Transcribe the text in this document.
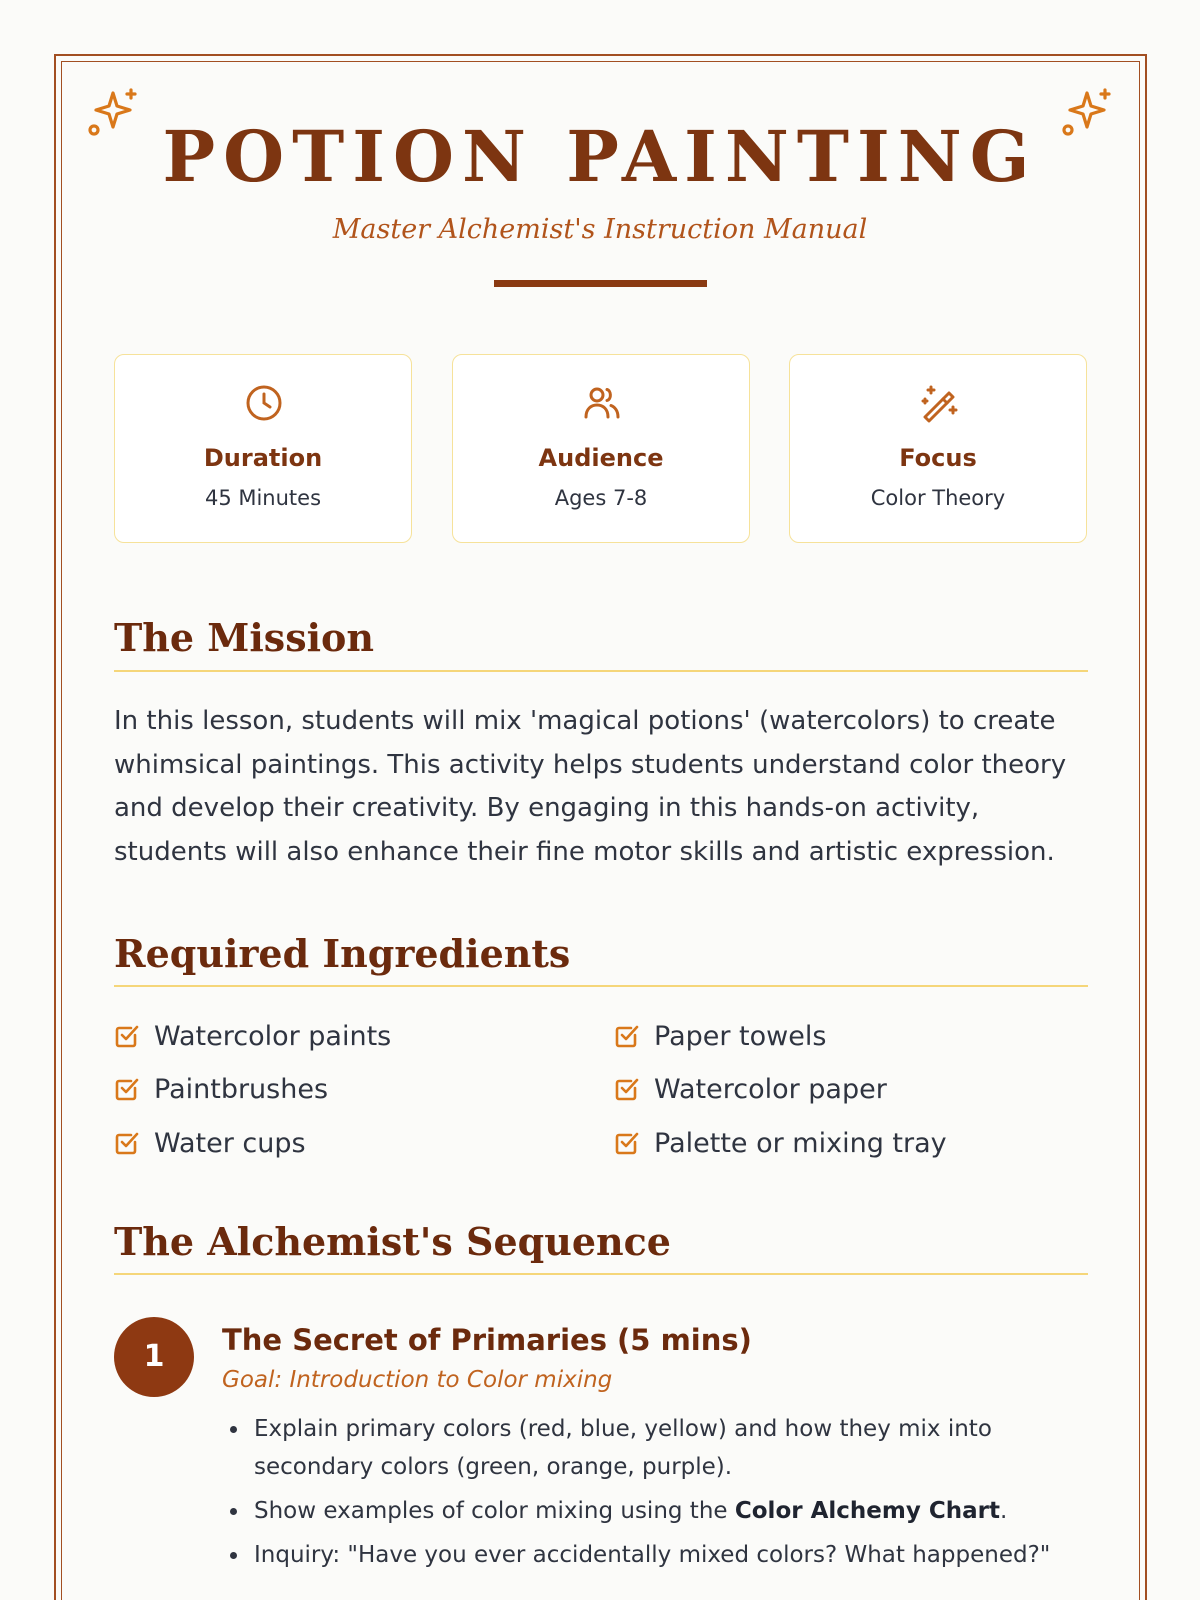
POTION PAINTING
Master Alchemist's Instruction Manual
Duration
45 Minutes
Audience
Ages 7-8
Focus
Color Theory
The Mission

In this lesson, students will mix 'magical potions' (watercolors) to create whimsical paintings. This activity helps students understand color theory and develop their creativity. By engaging in this hands-on activity, students will also enhance their fine motor skills and artistic expression.

Required Ingredients
Watercolor paints
Paintbrushes
Water cups
Paper towels
Watercolor paper
Palette or mixing tray
The Alchemist's Sequence
1	The Secret of Primaries (5 mins)
Goal: Introduction to Color mixing
Explain primary colors (red, blue, yellow) and how they mix into secondary colors (green, orange, purple).
Show examples of color mixing using the Color Alchemy Chart.
Inquiry: "Have you ever accidentally mixed colors? What happened?"
